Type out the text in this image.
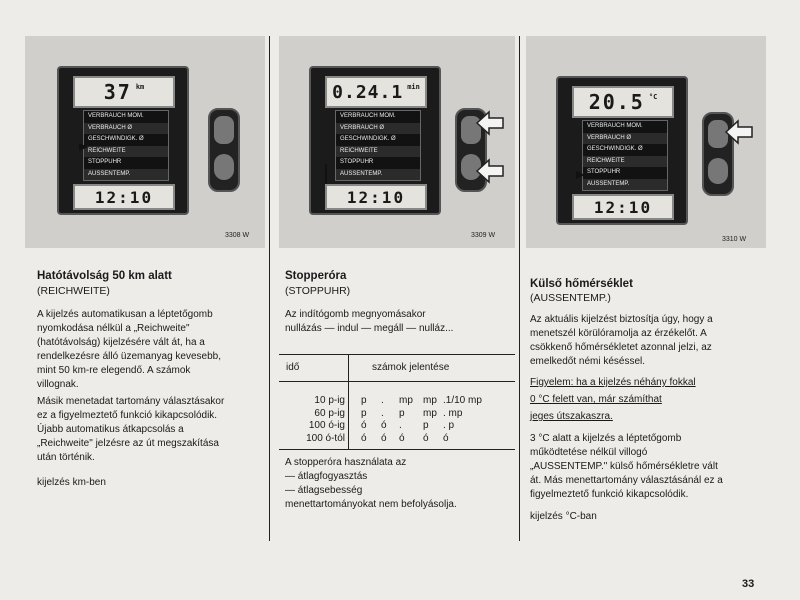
37 km
VERBRAUCH MOM.
VERBRAUCH Ø
GESCHWINDIGK. Ø
REICHWEITE
STOPPUHR
AUSSENTEMP.
12:10
3308 W
Hatótávolság 50 km alatt
(REICHWEITE)

A kijelzés automatikusan a léptetőgomb

nyomkodása nélkül a „Reichweite"

(hatótávolság) kijelzésére vált át, ha a

rendelkezésre álló üzemanyag kevesebb,

mint 50 km-re elegendő. A számok

villognak.

Másik menetadat tartomány választásakor

ez a figyelmeztető funkció kikapcsolódik.

Újabb automatikus átkapcsolás a

„Reichweite" jelzésre az út megszakítása

után történik.

kijelzés km-ben
0.24.1 min
VERBRAUCH MOM.
VERBRAUCH Ø
GESCHWINDIGK. Ø
REICHWEITE
STOPPUHR
AUSSENTEMP.
12:10
3309 W
Stopperóra
(STOPPUHR)

Az indítógomb megnyomásakor

nullázás — indul — megáll — nulláz...

idő	számok jelentése
10 p-ig	p	.	mp	mp	.1/10 mp
60 p-ig	p	.	p	mp	. mp
100 ó-ig	ó	ó	.	p	. p
100 ó-tól	ó	ó	ó	ó	ó

A stopperóra használata az

— átlagfogyasztás

— átlagsebesség

menettartományokat nem befolyásolja.

20.5 °C
VERBRAUCH MOM.
VERBRAUCH Ø
GESCHWINDIGK. Ø
REICHWEITE
STOPPUHR
AUSSENTEMP.
12:10
3310 W
Külső hőmérséklet
(AUSSENTEMP.)

Az aktuális kijelzést biztosítja úgy, hogy a

menetszél körülóramolja az érzékelőt. A

csökkenő hőmérsékletet azonnal jelzi, az

emelkedőt némi késéssel.

Figyelem: ha a kijelzés néhány fokkal

0 °C felett van, már számíthat

jeges útszakaszra.

3 °C alatt a kijelzés a léptetőgomb

működtetése nélkül villogó

„AUSSENTEMP." külső hőmérsékletre vált

át. Más menettartomány választásánál ez a

figyelmeztető funkció kikapcsolódik.

kijelzés °C-ban
33
